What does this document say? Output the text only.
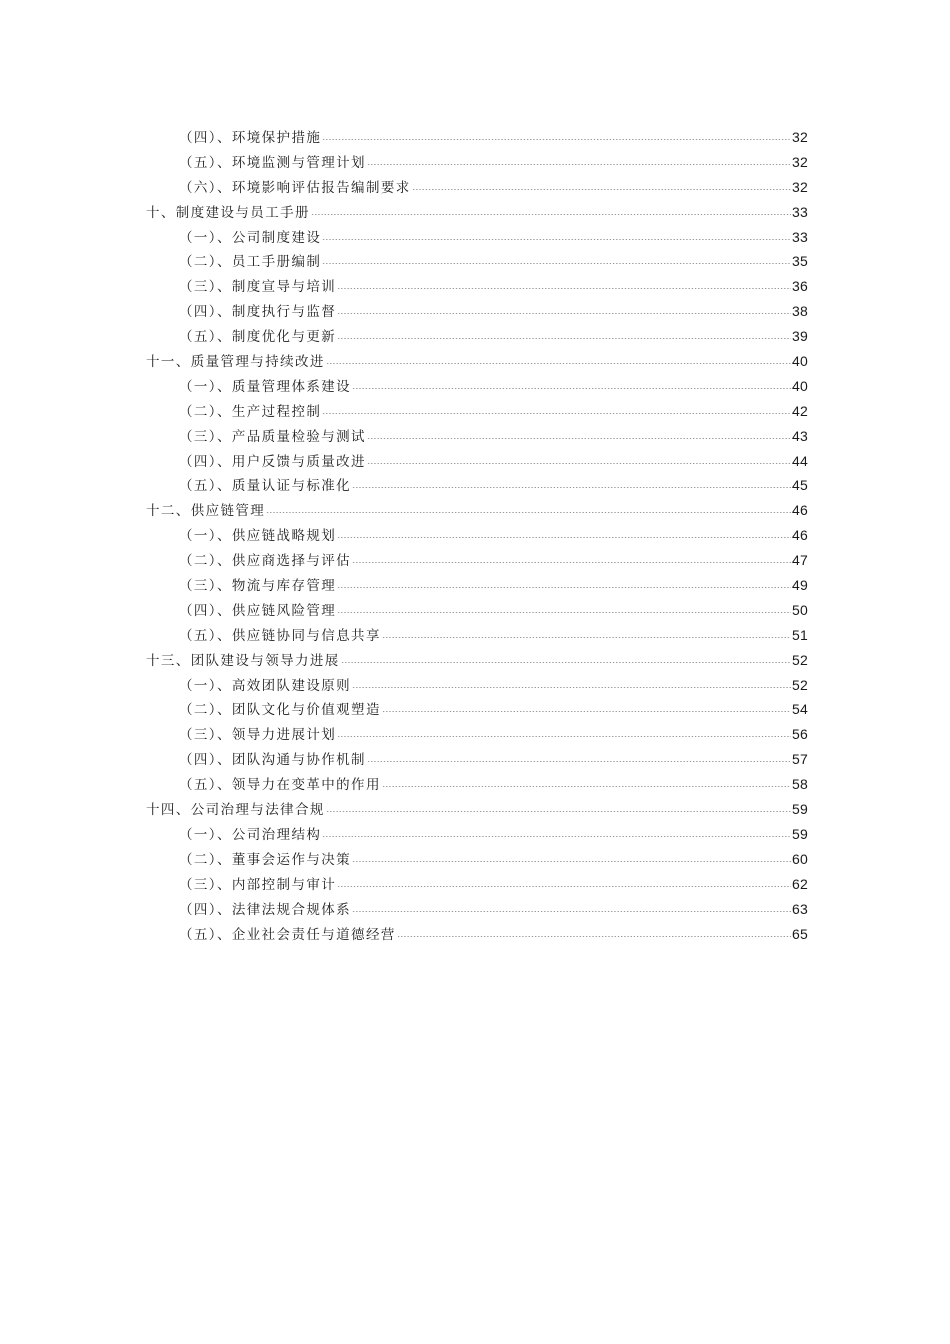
（四）、环境保护措施	32
（五）、环境监测与管理计划	32
（六）、环境影响评估报告编制要求	32
十、制度建设与员工手册	33
（一）、公司制度建设	33
（二）、员工手册编制	35
（三）、制度宣导与培训	36
（四）、制度执行与监督	38
（五）、制度优化与更新	39
十一、质量管理与持续改进	40
（一）、质量管理体系建设	40
（二）、生产过程控制	42
（三）、产品质量检验与测试	43
（四）、用户反馈与质量改进	44
（五）、质量认证与标准化	45
十二、供应链管理	46
（一）、供应链战略规划	46
（二）、供应商选择与评估	47
（三）、物流与库存管理	49
（四）、供应链风险管理	50
（五）、供应链协同与信息共享	51
十三、团队建设与领导力进展	52
（一）、高效团队建设原则	52
（二）、团队文化与价值观塑造	54
（三）、领导力进展计划	56
（四）、团队沟通与协作机制	57
（五）、领导力在变革中的作用	58
十四、公司治理与法律合规	59
（一）、公司治理结构	59
（二）、董事会运作与决策	60
（三）、内部控制与审计	62
（四）、法律法规合规体系	63
（五）、企业社会责任与道德经营	65
